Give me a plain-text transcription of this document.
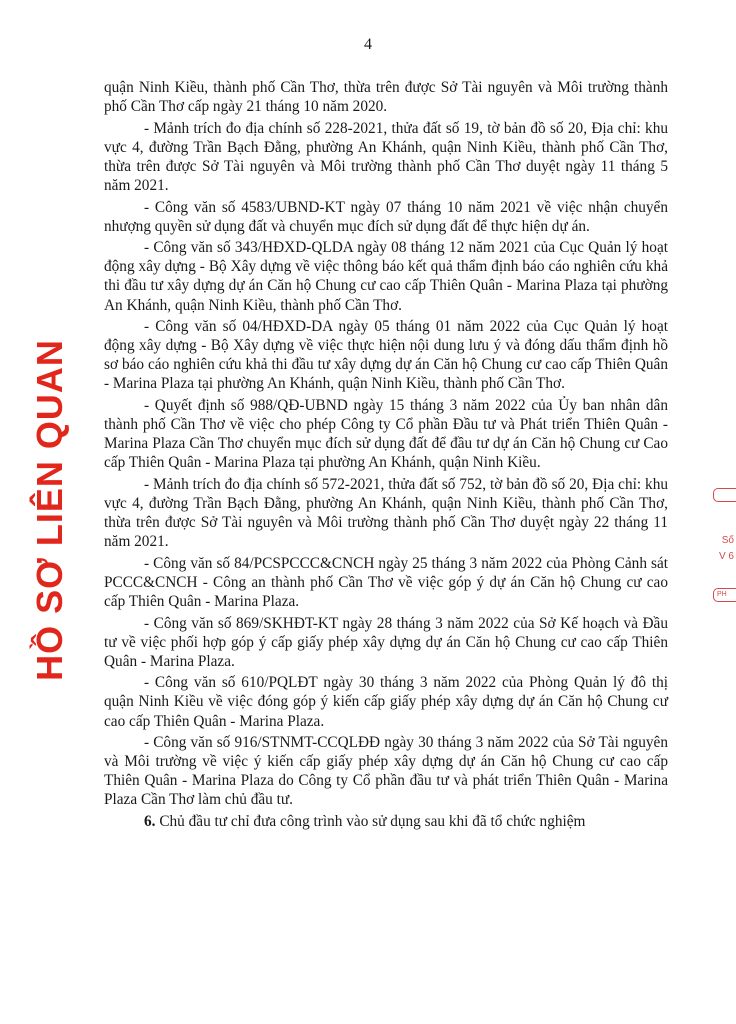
4
HỒ SƠ LIÊN QUAN	Số
V 6
PH

quận Ninh Kiều, thành phố Cần Thơ, thừa trên được Sở Tài nguyên và Môi trường thành phố Cần Thơ cấp ngày 21 tháng 10 năm 2020.

- Mảnh trích đo địa chính số 228-2021, thửa đất số 19, tờ bản đồ số 20, Địa chỉ: khu vực 4, đường Trần Bạch Đằng, phường An Khánh, quận Ninh Kiều, thành phố Cần Thơ, thừa trên được Sở Tài nguyên và Môi trường thành phố Cần Thơ duyệt ngày 11 tháng 5 năm 2021.

- Công văn số 4583/UBND-KT ngày 07 tháng 10 năm 2021 về việc nhận chuyển nhượng quyền sử dụng đất và chuyển mục đích sử dụng đất để thực hiện dự án.

- Công văn số 343/HĐXD-QLDA ngày 08 tháng 12 năm 2021 của Cục Quản lý hoạt động xây dựng - Bộ Xây dựng về việc thông báo kết quả thẩm định báo cáo nghiên cứu khả thi đầu tư xây dựng dự án Căn hộ Chung cư cao cấp Thiên Quân - Marina Plaza tại phường An Khánh, quận Ninh Kiều, thành phố Cần Thơ.

- Công văn số 04/HĐXD-DA ngày 05 tháng 01 năm 2022 của Cục Quản lý hoạt động xây dựng - Bộ Xây dựng về việc thực hiện nội dung lưu ý và đóng dấu thẩm định hồ sơ báo cáo nghiên cứu khả thi đầu tư xây dựng dự án Căn hộ Chung cư cao cấp Thiên Quân - Marina Plaza tại phường An Khánh, quận Ninh Kiều, thành phố Cần Thơ.

- Quyết định số 988/QĐ-UBND ngày 15 tháng 3 năm 2022 của Ủy ban nhân dân thành phố Cần Thơ về việc cho phép Công ty Cổ phần Đầu tư và Phát triển Thiên Quân - Marina Plaza Cần Thơ chuyển mục đích sử dụng đất để đầu tư dự án Căn hộ Chung cư Cao cấp Thiên Quân - Marina Plaza tại phường An Khánh, quận Ninh Kiều.

- Mảnh trích đo địa chính số 572-2021, thửa đất số 752, tờ bản đồ số 20, Địa chỉ: khu vực 4, đường Trần Bạch Đằng, phường An Khánh, quận Ninh Kiều, thành phố Cần Thơ, thừa trên được Sở Tài nguyên và Môi trường thành phố Cần Thơ duyệt ngày 22 tháng 11 năm 2021.

- Công văn số 84/PCSPCCC&CNCH ngày 25 tháng 3 năm 2022 của Phòng Cảnh sát PCCC&CNCH - Công an thành phố Cần Thơ về việc góp ý dự án Căn hộ Chung cư cao cấp Thiên Quân - Marina Plaza.

- Công văn số 869/SKHĐT-KT ngày 28 tháng 3 năm 2022 của Sở Kế hoạch và Đầu tư về việc phối hợp góp ý cấp giấy phép xây dựng dự án Căn hộ Chung cư cao cấp Thiên Quân - Marina Plaza.

- Công văn số 610/PQLĐT ngày 30 tháng 3 năm 2022 của Phòng Quản lý đô thị quận Ninh Kiều về việc đóng góp ý kiến cấp giấy phép xây dựng dự án Căn hộ Chung cư cao cấp Thiên Quân - Marina Plaza.

- Công văn số 916/STNMT-CCQLĐĐ ngày 30 tháng 3 năm 2022 của Sở Tài nguyên và Môi trường về việc ý kiến cấp giấy phép xây dựng dự án Căn hộ Chung cư cao cấp Thiên Quân - Marina Plaza do Công ty Cổ phần đầu tư và phát triển Thiên Quân - Marina Plaza Cần Thơ làm chủ đầu tư.

6. Chủ đầu tư chỉ đưa công trình vào sử dụng sau khi đã tổ chức nghiệm
